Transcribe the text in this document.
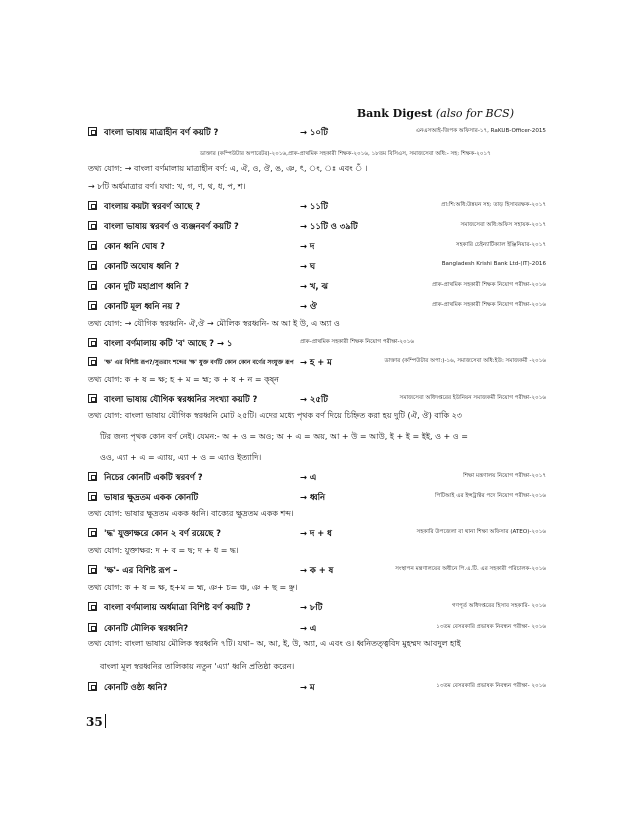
Bank Digest (also for BCS)
বাংলা ভাষায় মাত্রাহীন বর্ণ কয়টি ?	→ ১০টি	এনএসআই-জিপক অফিসার-১৭, RaKUB-Officer-2015
ডাক্তার (কম্পিউটার অপারেটর)-২০১৬,প্রাক-প্রাথমিক সহকারী শিক্ষক-২০১৬, ১৮তম বিসিএস, সমাজসেবা অধি:- সহ: শিক্ষক-২০১৭
তথ্য যোগ: → বাংলা বর্ণমালায় মাত্রাহীন বর্ণ: এ, ঐ, ও, ঔ, ঙ, ঞ, ৎ, ং, ঃ এবং ঁ ।
→ ৮টি অর্ধমাত্রার বর্ণ। যথা: খ, গ, ণ, থ, ধ, প, শ।
বাংলায় কয়টা স্বরবর্ণ আছে ?	→ ১১টি	প্রা:শি:অধি:উন্নয়ন সহ: তাড় হিসাবরক্ষক-২০১৭
বাংলা ভাষায় স্বরবর্ণ ও ব্যঞ্জনবর্ণ কয়টি ?	→ ১১টি ও ৩৯টি	সমাজসেবা অধি:অফিস সহায়ক-২০১৭
কোন ধ্বনি ঘোষ ?	→ দ	সহকারি চেইন্যার্টিক্যাল ইঞ্জিনিয়ার-২০১৭
কোনটি অঘোষ ধ্বনি ?	→ ঘ	Bangladesh Krishi Bank Ltd-(IT)-2016
কোন দুটি মহাপ্রাণ ধ্বনি ?	→ খ, ঝ	প্রাক-প্রাথমিক সহকারী শিক্ষক নিয়োগ পরীক্ষা-২০১৬
কোনটি মূল ধ্বনি নয় ?	→ ঔ	প্রাক-প্রাথমিক সহকারী শিক্ষক নিয়োগ পরীক্ষা-২০১৬
তথ্য যোগ: → যৌগিক স্বরধ্বনি- ঐ,ঔ → মৌলিক স্বরধ্বনি- অ আ ই উ, এ অ্যা ও
বাংলা বর্ণমালায় কটি 'ব' আছে ? → ১	প্রাক-প্রাথমিক সহকারী শিক্ষক নিয়োগ পরীক্ষা-২০১৬
'ক্ষ' এর বিশিষ্ট রূপ?/সুতরাং শব্দের 'ক্ষ' যুক্ত বর্ণটি কোন কোন বর্ণের সংযুক্ত রূপ → হ + ম	ডাক্তার (কম্পিউটার অপা:)-১৬, সমাজসেবা অধি:ইউ: সমাজকর্মী -২০১৬
তথ্য যোগ: ক + ষ = ক্ষ; হ + ম = হ্ম; ক + ষ + ন = ক্ষ্ন
বাংলা ভাষায় যৌগিক স্বরধ্বনির সংখ্যা কয়টি ?	→ ২৫টি	সমাজসেবা অধিদপ্তরের ইউনিয়ন সমাজকর্মী নিয়োগ পরীক্ষা-২০১৬
তথ্য যোগ: বাংলা ভাষায় যৌগিক স্বরধ্বনি মোট ২৫টি। এদের মধ্যে পৃথক বর্ণ দিয়ে চিহ্নিত করা হয় দুটি (ঐ, ঔ) বাকি ২৩
টির জন্য পৃথক কোন বর্ণ নেই। যেমন:- অ + ও = অও; অ + এ = অয়, আ + উ = আউ, ই + ই = ইই, ও + ও =
ওও, এ্যা + এ = এ্যায়, এ্যা + ও = এ্যাও ইত্যাদি।
নিচের কোনটি একটি স্বরবর্ণ ?	→ এ	শিক্ষা মন্ত্রণালয় নিয়োগ পরীক্ষা-২০১৭
ভাষার ক্ষুদ্রতম একক কোনটি	→ ধ্বনি	পিটিআই এর ইন্সট্রাক্টর পদে নিয়োগ পরীক্ষা-২০১৬
তথ্য যোগ: ভাষার ক্ষুদ্রতম একক ধ্বনি। বাক্যের ক্ষুদ্রতম একক শব্দ।
'দ্ধ' যুক্তাক্ষরে কোন ২ বর্ণ রয়েছে ?	→ দ + ধ	সহকারি উপজেলা বা থানা শিক্ষা অফিসার (ATEO)-২০১৬
তথ্য যোগ: যুক্তাক্ষর: দ + ব = দ্ব; দ + ধ = দ্ধ।
'ক্ষ'- এর বিশিষ্ট রূপ –	→ ক + ষ	সংস্থাপন মন্ত্রণালয়ের অধীনে পি.এ.টি. এর সহকারী পরিচালক-২০১৬
তথ্য যোগ: ক + ষ = ক্ষ, হ+ম = হ্ম, ঞ+ চ= ঞ্চ, ঞ + ছ = ঞ্ছ।
বাংলা বর্ণমালায় অর্ধমাত্রা বিশিষ্ট বর্ণ কয়টি ?	→ ৮টি	গণপূর্ত অধিদপ্তরের হিসাব সহকারি- ২০১৬
কোনটি মৌলিক স্বরধ্বনি?	→ এ	১৩তম বেসরকারি প্রভাষক নিবন্ধন পরীক্ষা- ২০১৬
তথ্য যোগ: বাংলা ভাষায় মৌলিক স্বরধ্বনি ৭টি। যথা– অ, আ, ই, উ, অ্যা, এ এবং ও। ধ্বনিতত্ত্ববিদ মুহম্মদ আবদুল হাই
বাংলা মূল স্বরধ্বনির তালিকায় নতুন 'এ্যা' ধ্বনি প্রতিষ্ঠা করেন।
কোনটি ওষ্ঠ্য ধ্বনি?	→ ম	১৩তম বেসরকারি প্রভাষক নিবন্ধন পরীক্ষা- ২০১৬
35
